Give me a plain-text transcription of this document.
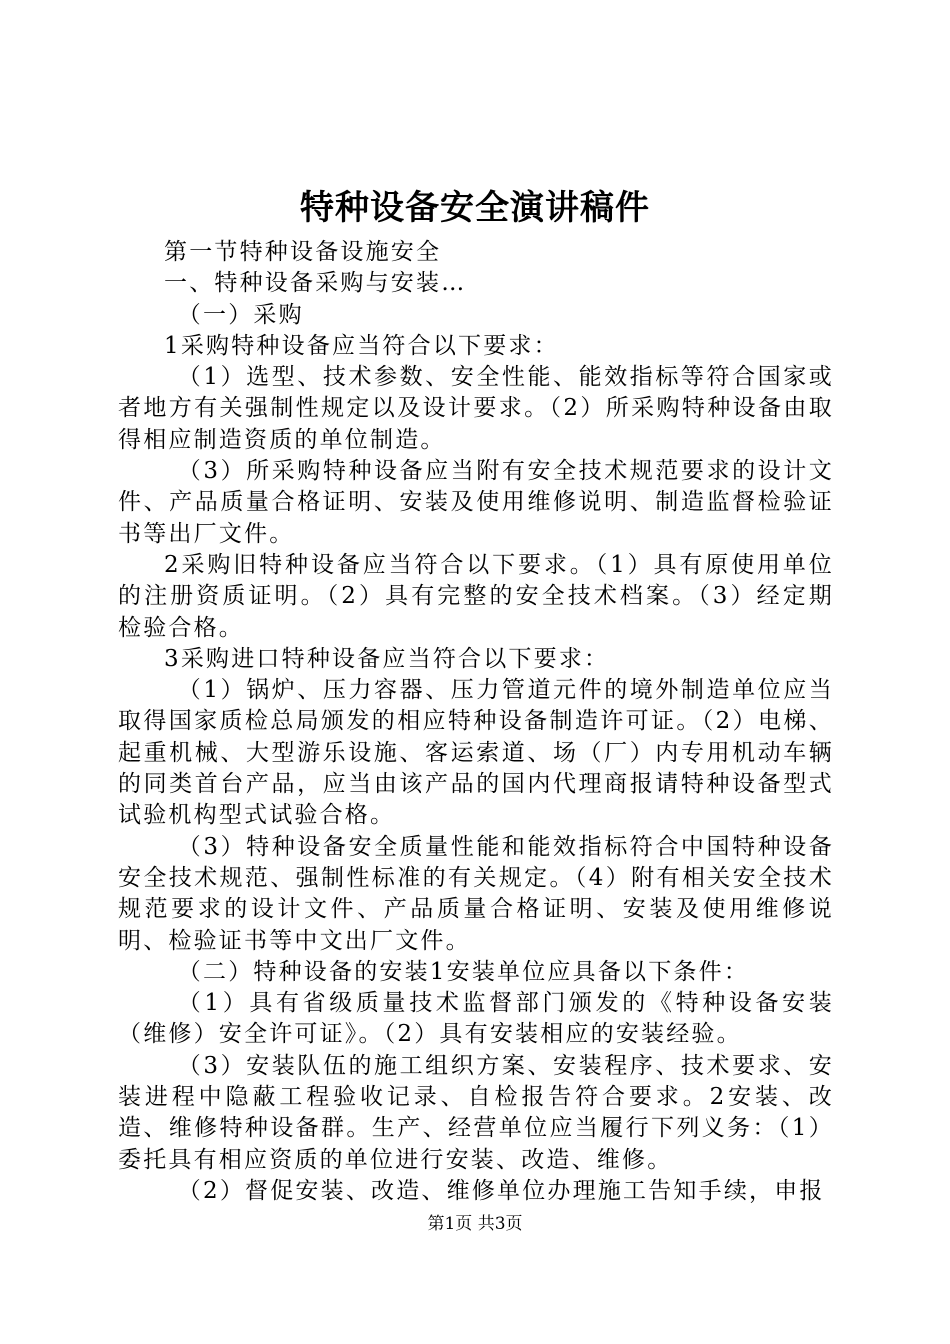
特种设备安全演讲稿件

第一节特种设备设施安全

一、特种设备采购与安装…

（一）采购

1采购特种设备应当符合以下要求：

（1）选型、技术参数、安全性能、能效指标等符合国家或者地方有关强制性规定以及设计要求。（2）所采购特种设备由取得相应制造资质的单位制造。

（3）所采购特种设备应当附有安全技术规范要求的设计文件、产品质量合格证明、安装及使用维修说明、制造监督检验证书等出厂文件。

2采购旧特种设备应当符合以下要求。（1）具有原使用单位的注册资质证明。（2）具有完整的安全技术档案。（3）经定期检验合格。

3采购进口特种设备应当符合以下要求：

（1）锅炉、压力容器、压力管道元件的境外制造单位应当取得国家质检总局颁发的相应特种设备制造许可证。（2）电梯、起重机械、大型游乐设施、客运索道、场（厂）内专用机动车辆的同类首台产品，应当由该产品的国内代理商报请特种设备型式试验机构型式试验合格。

（3）特种设备安全质量性能和能效指标符合中国特种设备安全技术规范、强制性标准的有关规定。（4）附有相关安全技术规范要求的设计文件、产品质量合格证明、安装及使用维修说明、检验证书等中文出厂文件。

（二）特种设备的安装1安装单位应具备以下条件：

（1）具有省级质量技术监督部门颁发的《特种设备安装（维修）安全许可证》。（2）具有安装相应的安装经验。

（3）安装队伍的施工组织方案、安装程序、技术要求、安装进程中隐蔽工程验收记录、自检报告符合要求。2安装、改造、维修特种设备群。生产、经营单位应当履行下列义务：（1）委托具有相应资质的单位进行安装、改造、维修。

（2）督促安装、改造、维修单位办理施工告知手续，申报

第1页 共3页
